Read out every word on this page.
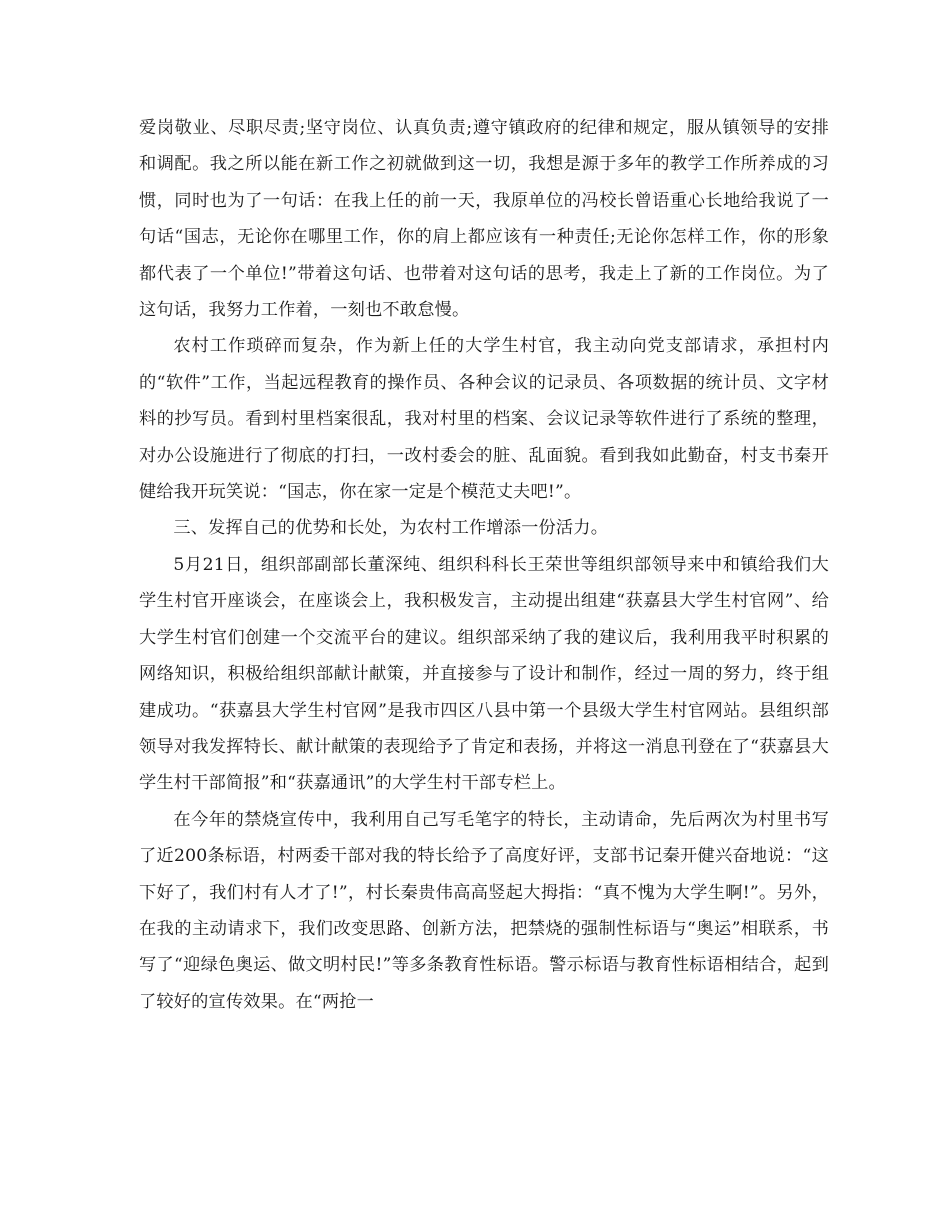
爱岗敬业、尽职尽责;坚守岗位、认真负责;遵守镇政府的纪律和规定，服从镇领导的安排和调配。我之所以能在新工作之初就做到这一切，我想是源于多年的教学工作所养成的习惯，同时也为了一句话：在我上任的前一天，我原单位的冯校长曾语重心长地给我说了一句话“国志，无论你在哪里工作，你的肩上都应该有一种责任;无论你怎样工作，你的形象都代表了一个单位!”带着这句话、也带着对这句话的思考，我走上了新的工作岗位。为了这句话，我努力工作着，一刻也不敢怠慢。

农村工作琐碎而复杂，作为新上任的大学生村官，我主动向党支部请求，承担村内的“软件”工作，当起远程教育的操作员、各种会议的记录员、各项数据的统计员、文字材料的抄写员。看到村里档案很乱，我对村里的档案、会议记录等软件进行了系统的整理，对办公设施进行了彻底的打扫，一改村委会的脏、乱面貌。看到我如此勤奋，村支书秦开健给我开玩笑说：“国志，你在家一定是个模范丈夫吧!”。

三、发挥自己的优势和长处，为农村工作增添一份活力。

5月21日，组织部副部长董深纯、组织科科长王荣世等组织部领导来中和镇给我们大学生村官开座谈会，在座谈会上，我积极发言，主动提出组建“获嘉县大学生村官网”、给大学生村官们创建一个交流平台的建议。组织部采纳了我的建议后，我利用我平时积累的网络知识，积极给组织部献计献策，并直接参与了设计和制作，经过一周的努力，终于组建成功。“获嘉县大学生村官网”是我市四区八县中第一个县级大学生村官网站。县组织部领导对我发挥特长、献计献策的表现给予了肯定和表扬，并将这一消息刊登在了“获嘉县大学生村干部简报”和“获嘉通讯”的大学生村干部专栏上。

在今年的禁烧宣传中，我利用自己写毛笔字的特长，主动请命，先后两次为村里书写了近200条标语，村两委干部对我的特长给予了高度好评，支部书记秦开健兴奋地说：“这下好了，我们村有人才了!”，村长秦贵伟高高竖起大拇指：“真不愧为大学生啊!”。另外，在我的主动请求下，我们改变思路、创新方法，把禁烧的强制性标语与“奥运”相联系，书写了“迎绿色奥运、做文明村民!”等多条教育性标语。警示标语与教育性标语相结合，起到了较好的宣传效果。在“两抢一
